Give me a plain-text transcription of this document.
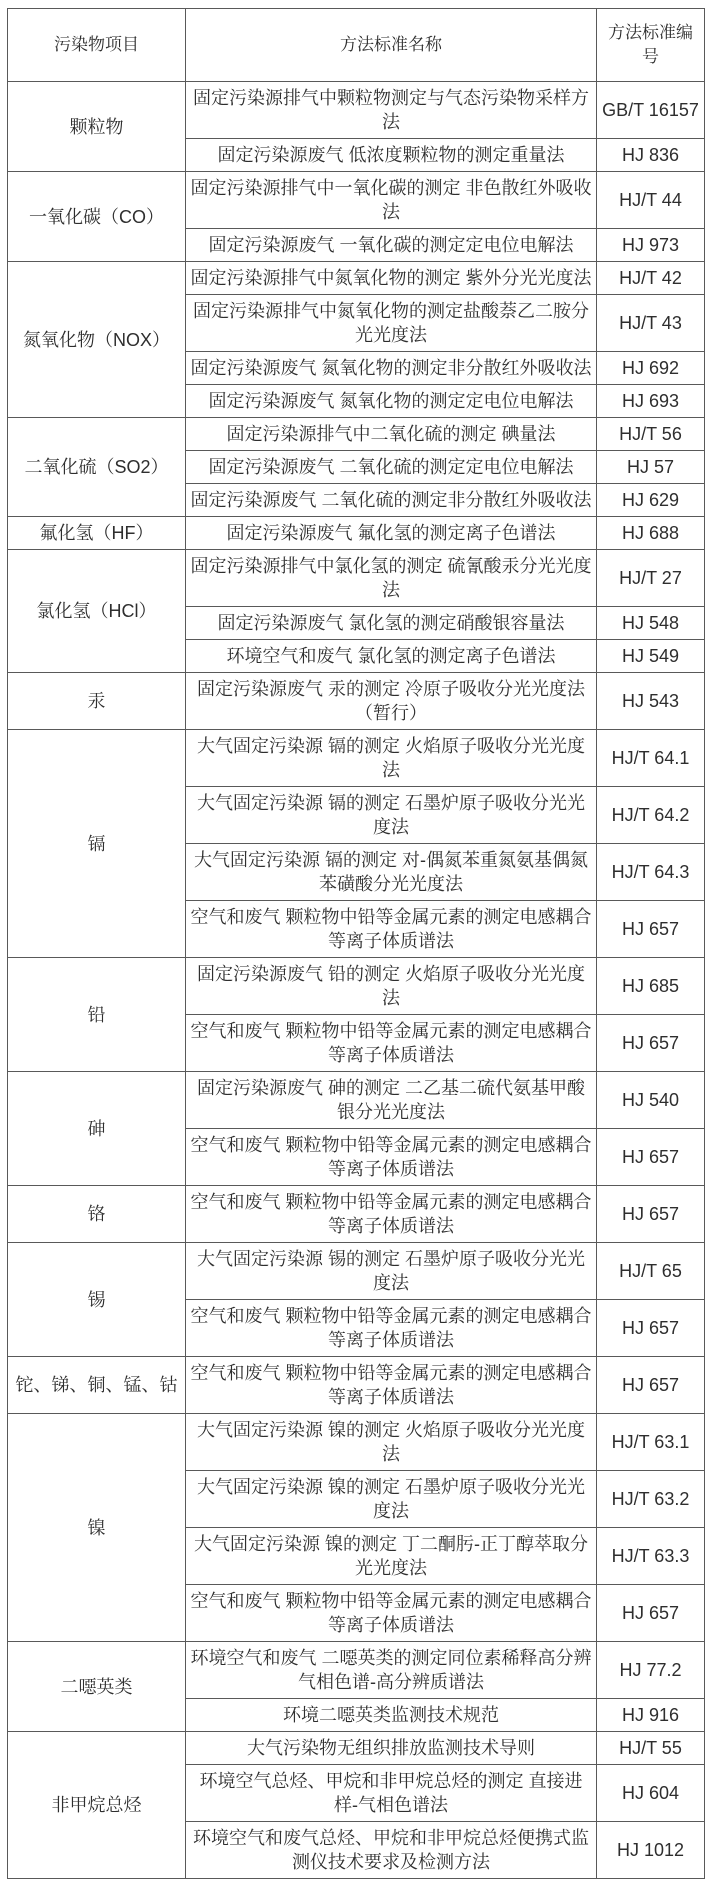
污染物项目	方法标准名称	方法标准编号
颗粒物	固定污染源排气中颗粒物测定与气态污染物采样方法	GB/T 16157
	固定污染源废气 低浓度颗粒物的测定重量法	HJ 836
一氧化碳（CO）	固定污染源排气中一氧化碳的测定 非色散红外吸收法	HJ/T 44
	固定污染源废气 一氧化碳的测定定电位电解法	HJ 973
氮氧化物（NOX）	固定污染源排气中氮氧化物的测定 紫外分光光度法	HJ/T 42
	固定污染源排气中氮氧化物的测定盐酸萘乙二胺分光光度法	HJ/T 43
	固定污染源废气 氮氧化物的测定非分散红外吸收法	HJ 692
	固定污染源废气 氮氧化物的测定定电位电解法	HJ 693
二氧化硫（SO2）	固定污染源排气中二氧化硫的测定 碘量法	HJ/T 56
	固定污染源废气 二氧化硫的测定定电位电解法	HJ 57
	固定污染源废气 二氧化硫的测定非分散红外吸收法	HJ 629
氟化氢（HF）	固定污染源废气 氟化氢的测定离子色谱法	HJ 688
氯化氢（HCl）	固定污染源排气中氯化氢的测定 硫氰酸汞分光光度法	HJ/T 27
	固定污染源废气 氯化氢的测定硝酸银容量法	HJ 548
	环境空气和废气 氯化氢的测定离子色谱法	HJ 549
汞	固定污染源废气 汞的测定 冷原子吸收分光光度法（暂行）	HJ 543
镉	大气固定污染源 镉的测定 火焰原子吸收分光光度法	HJ/T 64.1
	大气固定污染源 镉的测定 石墨炉原子吸收分光光度法	HJ/T 64.2
	大气固定污染源 镉的测定 对-偶氮苯重氮氨基偶氮苯磺酸分光光度法	HJ/T 64.3
	空气和废气 颗粒物中铅等金属元素的测定电感耦合等离子体质谱法	HJ 657
铅	固定污染源废气 铅的测定 火焰原子吸收分光光度法	HJ 685
	空气和废气 颗粒物中铅等金属元素的测定电感耦合等离子体质谱法	HJ 657
砷	固定污染源废气 砷的测定 二乙基二硫代氨基甲酸银分光光度法	HJ 540
	空气和废气 颗粒物中铅等金属元素的测定电感耦合等离子体质谱法	HJ 657
铬	空气和废气 颗粒物中铅等金属元素的测定电感耦合等离子体质谱法	HJ 657
锡	大气固定污染源 锡的测定 石墨炉原子吸收分光光度法	HJ/T 65
	空气和废气 颗粒物中铅等金属元素的测定电感耦合等离子体质谱法	HJ 657
铊、锑、铜、锰、钴	空气和废气 颗粒物中铅等金属元素的测定电感耦合等离子体质谱法	HJ 657
镍	大气固定污染源 镍的测定 火焰原子吸收分光光度法	HJ/T 63.1
	大气固定污染源 镍的测定 石墨炉原子吸收分光光度法	HJ/T 63.2
	大气固定污染源 镍的测定 丁二酮肟-正丁醇萃取分光光度法	HJ/T 63.3
	空气和废气 颗粒物中铅等金属元素的测定电感耦合等离子体质谱法	HJ 657
二噁英类	环境空气和废气 二噁英类的测定同位素稀释高分辨气相色谱-高分辨质谱法	HJ 77.2
	环境二噁英类监测技术规范	HJ 916
非甲烷总烃	大气污染物无组织排放监测技术导则	HJ/T 55
	环境空气总烃、甲烷和非甲烷总烃的测定 直接进样-气相色谱法	HJ 604
	环境空气和废气总烃、甲烷和非甲烷总烃便携式监测仪技术要求及检测方法	HJ 1012
